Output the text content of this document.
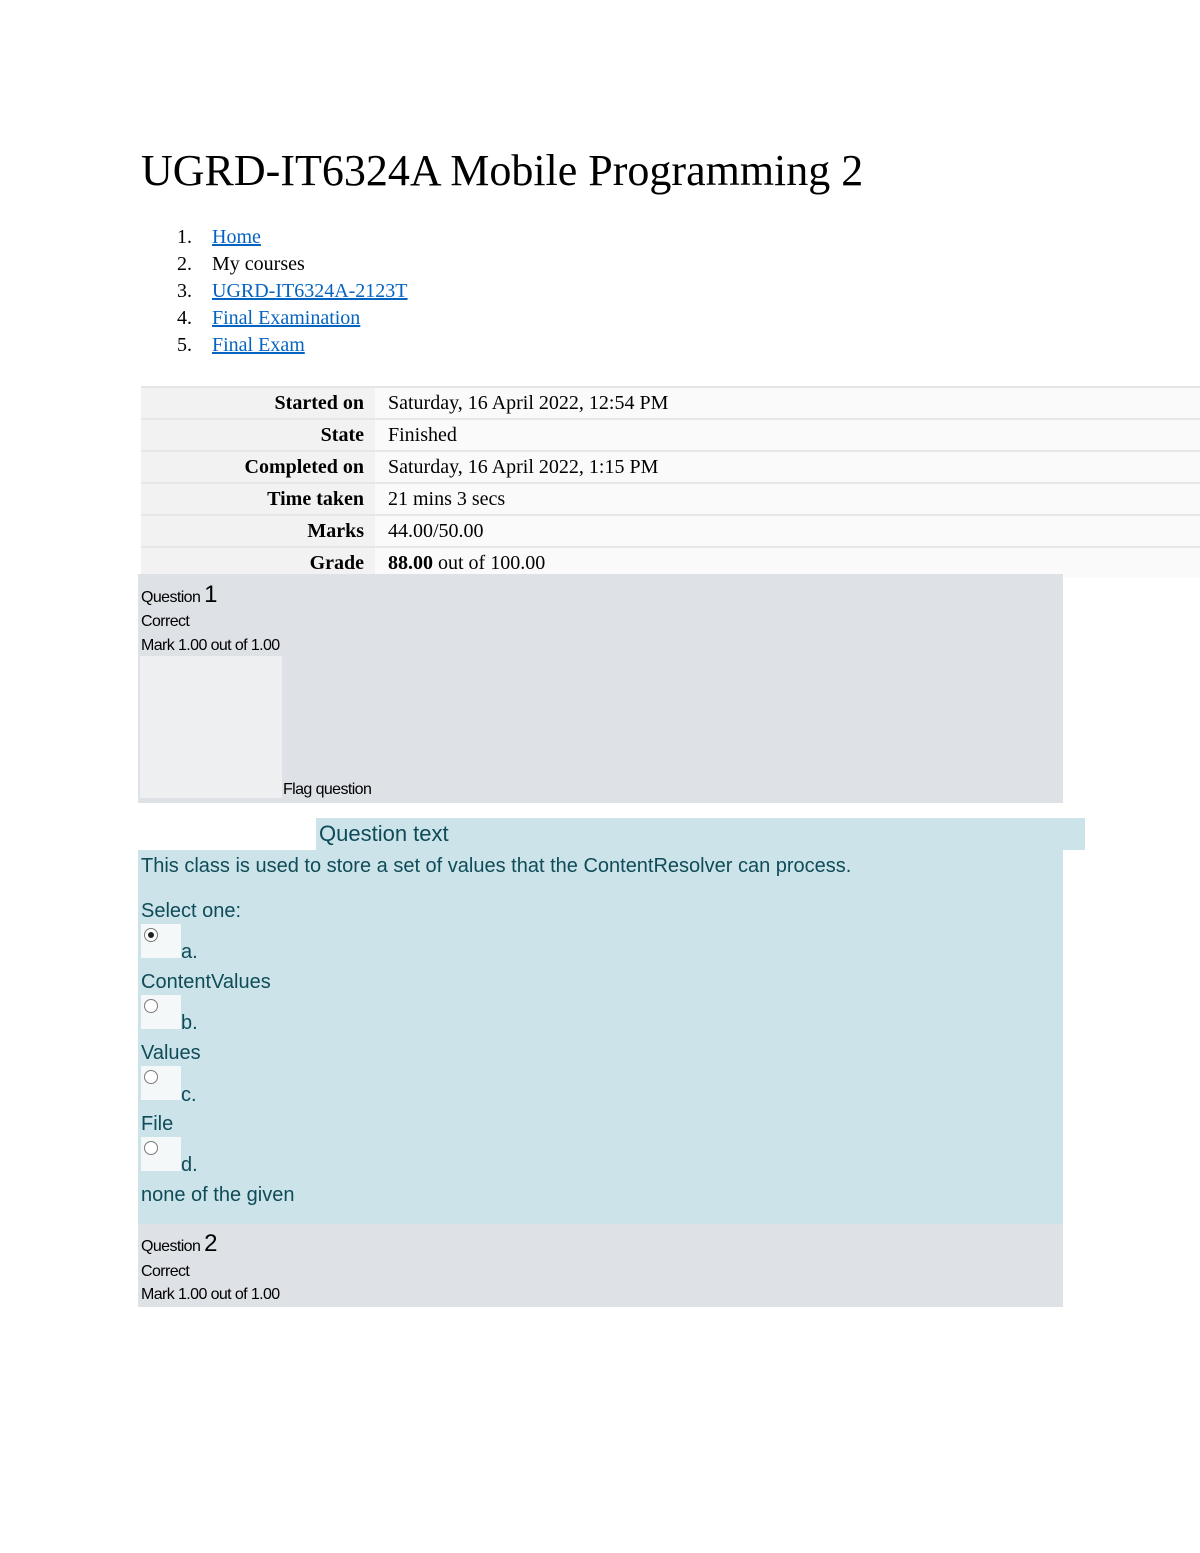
UGRD-IT6324A Mobile Programming 2
1. Home
2. My courses
3. UGRD-IT6324A-2123T
4. Final Examination
5. Final Exam
Started on	Saturday, 16 April 2022, 12:54 PM
State	Finished
Completed on	Saturday, 16 April 2022, 1:15 PM
Time taken	21 mins 3 secs
Marks	44.00/50.00
Grade	88.00 out of 100.00
Question 1
Correct
Mark 1.00 out of 1.00
Flag question
Question text
This class is used to store a set of values that the ContentResolver can process.
Select one:
a.
ContentValues
b.
Values
c.
File
d.
none of the given
Question 2
Correct
Mark 1.00 out of 1.00
